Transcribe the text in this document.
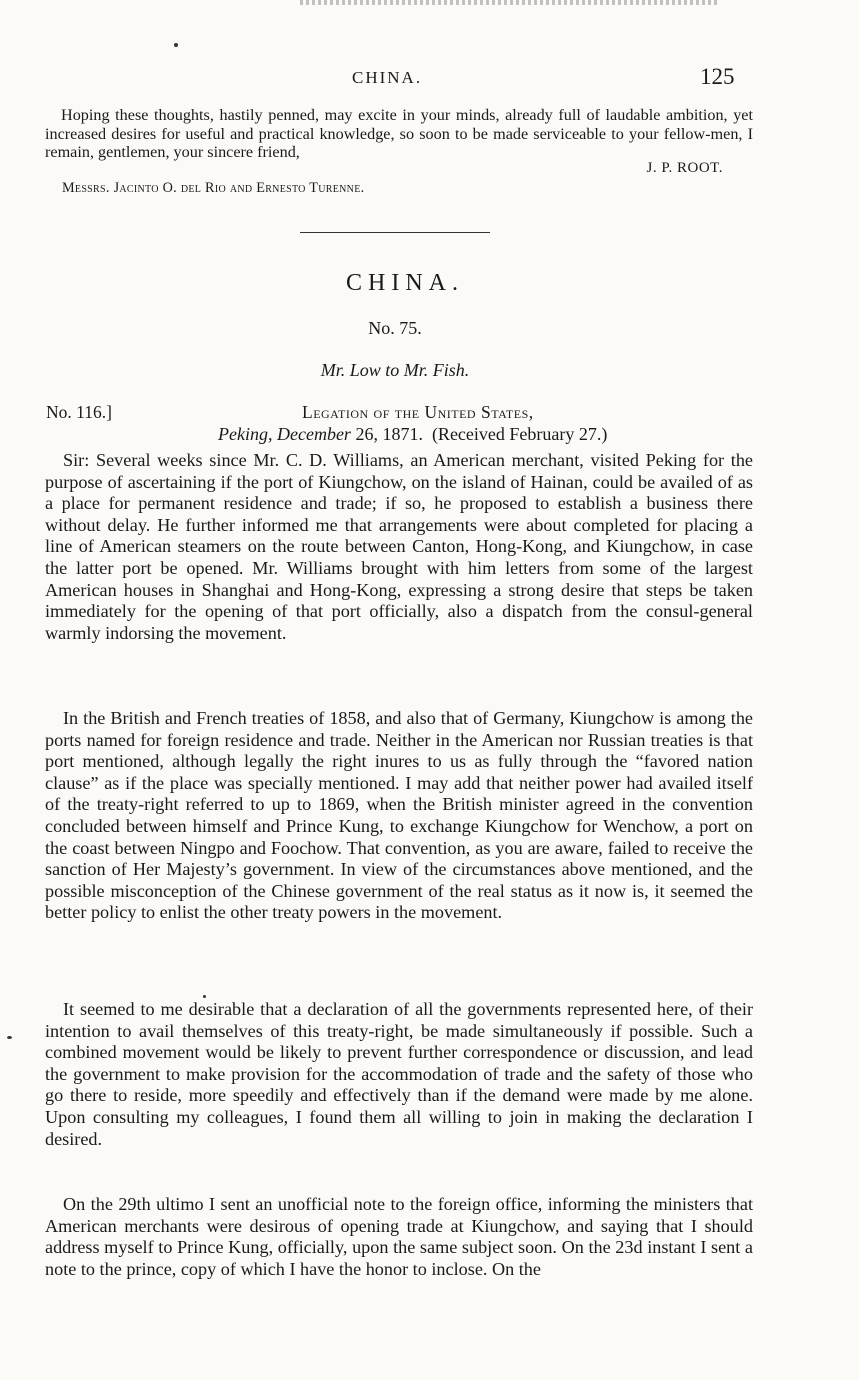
CHINA.	125

Hoping these thoughts, hastily penned, may excite in your minds, already full of laudable ambition, yet increased desires for useful and practical knowledge, so soon to be made serviceable to your fellow-men, I remain, gentlemen, your sincere friend,

J. P. ROOT.
Messrs. Jacinto O. del Rio and Ernesto Turenne.
CHINA.
No. 75.
Mr. Low to Mr. Fish.
No. 116.]	Legation of the United States,
Peking, December 26, 1871. (Received February 27.)

Sir: Several weeks since Mr. C. D. Williams, an American merchant, visited Peking for the purpose of ascertaining if the port of Kiungchow, on the island of Hainan, could be availed of as a place for permanent residence and trade; if so, he proposed to establish a business there without delay. He further informed me that arrangements were about completed for placing a line of American steamers on the route between Canton, Hong-Kong, and Kiungchow, in case the latter port be opened. Mr. Williams brought with him letters from some of the largest American houses in Shanghai and Hong-Kong, expressing a strong desire that steps be taken immediately for the opening of that port officially, also a dispatch from the consul-general warmly indorsing the movement.

In the British and French treaties of 1858, and also that of Germany, Kiungchow is among the ports named for foreign residence and trade. Neither in the American nor Russian treaties is that port mentioned, although legally the right inures to us as fully through the “favored nation clause” as if the place was specially mentioned. I may add that neither power had availed itself of the treaty-right referred to up to 1869, when the British minister agreed in the convention concluded between himself and Prince Kung, to exchange Kiungchow for Wenchow, a port on the coast between Ningpo and Foochow. That convention, as you are aware, failed to receive the sanction of Her Majesty’s government. In view of the circumstances above mentioned, and the possible misconception of the Chinese government of the real status as it now is, it seemed the better policy to enlist the other treaty powers in the movement.

It seemed to me desirable that a declaration of all the governments represented here, of their intention to avail themselves of this treaty-right, be made simultaneously if possible. Such a combined movement would be likely to prevent further correspondence or discussion, and lead the government to make provision for the accommodation of trade and the safety of those who go there to reside, more speedily and effectively than if the demand were made by me alone. Upon consulting my colleagues, I found them all willing to join in making the declaration I desired.

On the 29th ultimo I sent an unofficial note to the foreign office, informing the ministers that American merchants were desirous of opening trade at Kiungchow, and saying that I should address myself to Prince Kung, officially, upon the same subject soon. On the 23d instant I sent a note to the prince, copy of which I have the honor to inclose. On the
